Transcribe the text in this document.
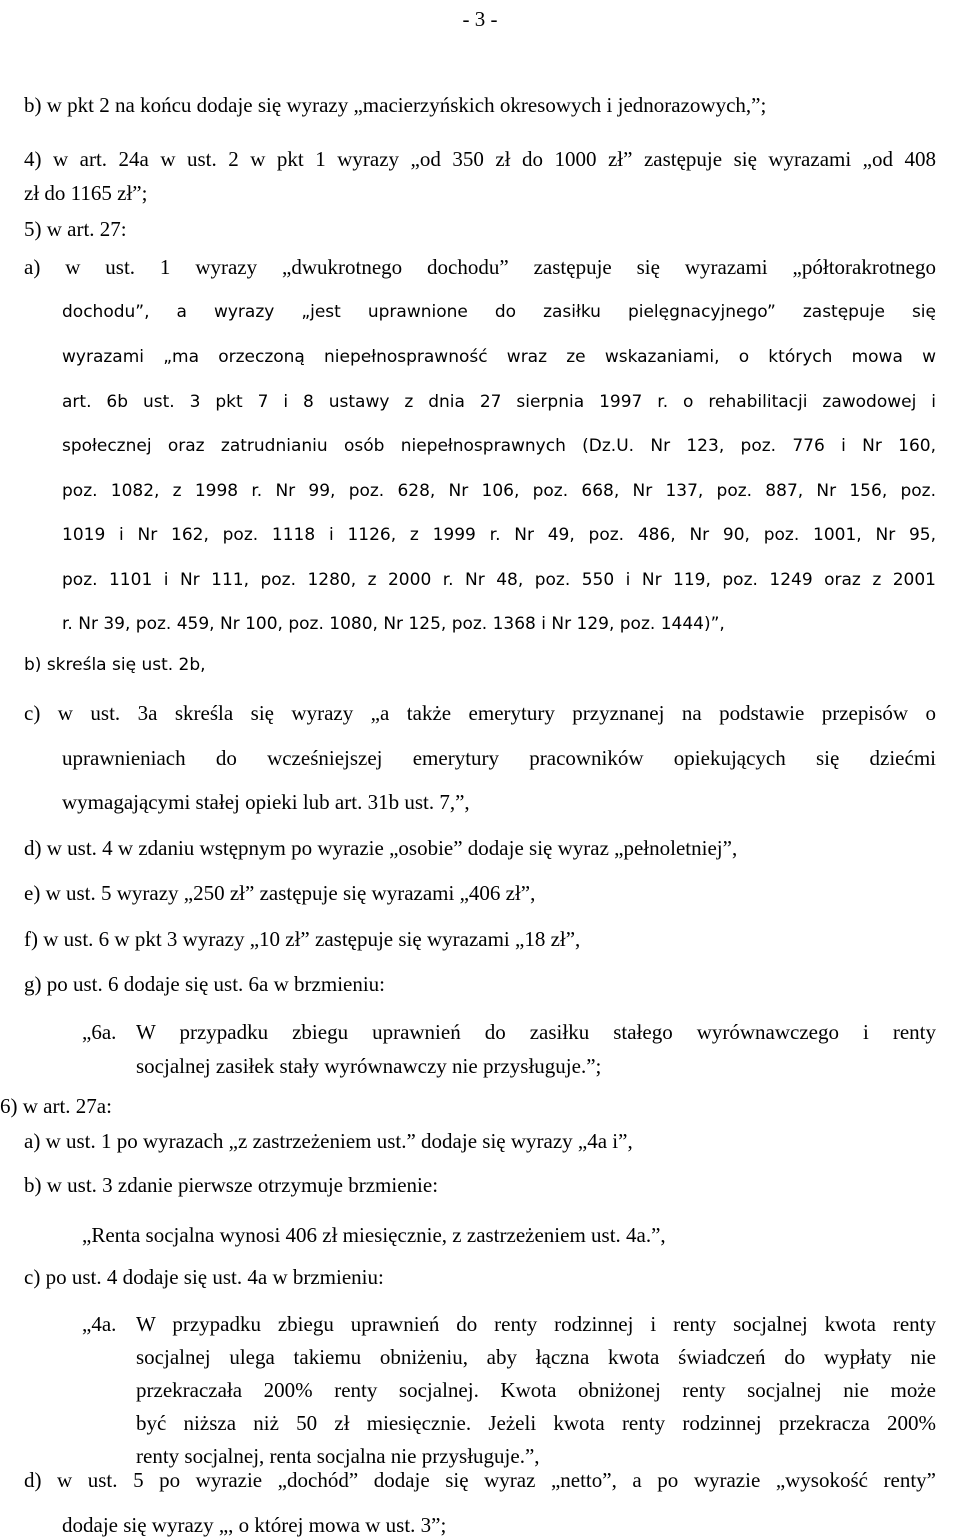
- 3 -
b) w pkt 2 na końcu dodaje się wyrazy „macierzyńskich okresowych i jednorazowych,”;
4) w art. 24a w ust. 2 w pkt 1 wyrazy „od 350 zł do 1000 zł” zastępuje się wyrazami „od 408
zł do 1165 zł”;
5) w art. 27:
a) w ust. 1 wyrazy „dwukrotnego dochodu” zastępuje się wyrazami „półtorakrotnego
dochodu”, a wyrazy „jest uprawnione do zasiłku pielęgnacyjnego” zastępuje się
wyrazami „ma orzeczoną niepełnosprawność wraz ze wskazaniami, o których mowa w
art. 6b ust. 3 pkt 7 i 8 ustawy z dnia 27 sierpnia 1997 r. o rehabilitacji zawodowej i
społecznej oraz zatrudnianiu osób niepełnosprawnych (Dz.U. Nr 123, poz. 776 i Nr 160,
poz. 1082, z 1998 r. Nr 99, poz. 628, Nr 106, poz. 668, Nr 137, poz. 887, Nr 156, poz.
1019 i Nr 162, poz. 1118 i 1126, z 1999 r. Nr 49, poz. 486, Nr 90, poz. 1001, Nr 95,
poz. 1101 i Nr 111, poz. 1280, z 2000 r. Nr 48, poz. 550 i Nr 119, poz. 1249 oraz z 2001
r. Nr 39, poz. 459, Nr 100, poz. 1080, Nr 125, poz. 1368 i Nr 129, poz. 1444)”,
b) skreśla się ust. 2b,
c) w ust. 3a skreśla się wyrazy „a także emerytury przyznanej na podstawie przepisów o
uprawnieniach do wcześniejszej emerytury pracowników opiekujących się dziećmi
wymagającymi stałej opieki lub art. 31b ust. 7,”,
d) w ust. 4 w zdaniu wstępnym po wyrazie „osobie” dodaje się wyraz „pełnoletniej”,
e) w ust. 5 wyrazy „250 zł” zastępuje się wyrazami „406 zł”,
f) w ust. 6 w pkt 3 wyrazy „10 zł” zastępuje się wyrazami „18 zł”,
g) po ust. 6 dodaje się ust. 6a w brzmieniu:
„6a. W przypadku zbiegu uprawnień do zasiłku stałego wyrównawczego i renty
socjalnej zasiłek stały wyrównawczy nie przysługuje.”;
6) w art. 27a:
a) w ust. 1 po wyrazach „z zastrzeżeniem ust.” dodaje się wyrazy „4a i”,
b) w ust. 3 zdanie pierwsze otrzymuje brzmienie:
„Renta socjalna wynosi 406 zł miesięcznie, z zastrzeżeniem ust. 4a.”,
c) po ust. 4 dodaje się ust. 4a w brzmieniu:
„4a. W przypadku zbiegu uprawnień do renty rodzinnej i renty socjalnej kwota renty
socjalnej ulega takiemu obniżeniu, aby łączna kwota świadczeń do wypłaty nie
przekraczała 200% renty socjalnej. Kwota obniżonej renty socjalnej nie może
być niższa niż 50 zł miesięcznie. Jeżeli kwota renty rodzinnej przekracza 200%
renty socjalnej, renta socjalna nie przysługuje.”,
d) w ust. 5 po wyrazie „dochód” dodaje się wyraz „netto”, a po wyrazie „wysokość renty”
dodaje się wyrazy „, o której mowa w ust. 3”;
